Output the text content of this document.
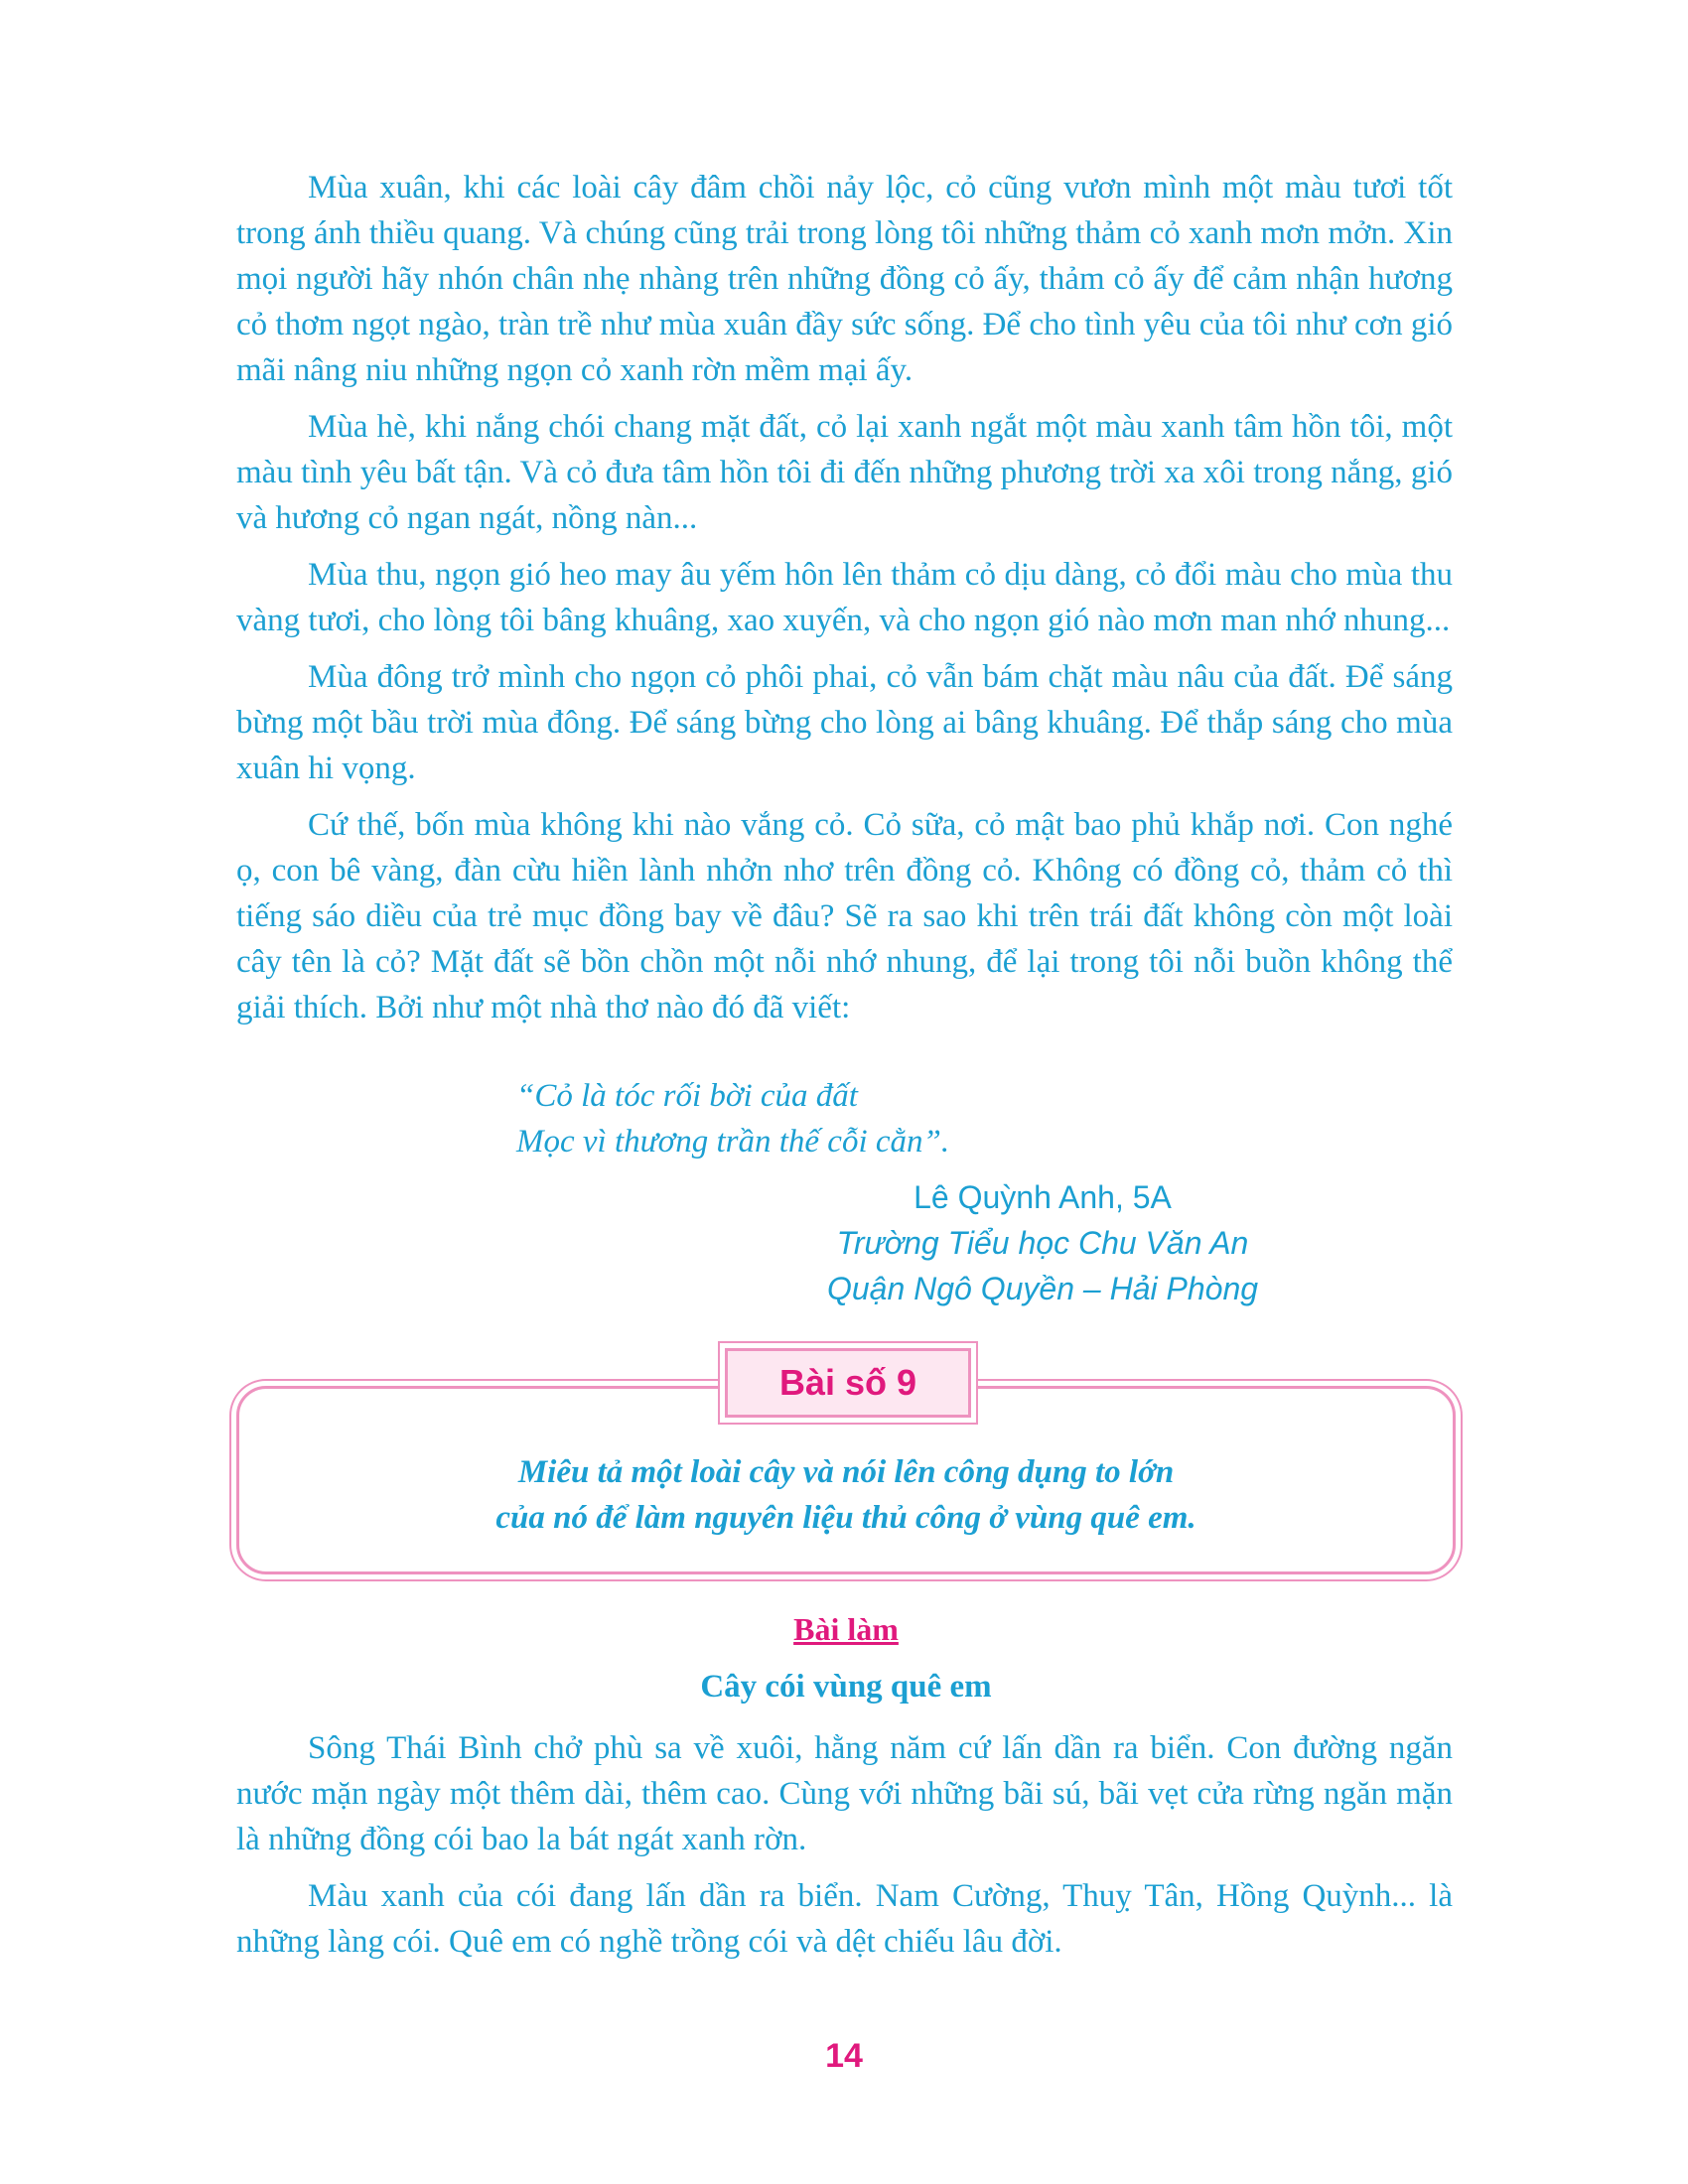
Mùa xuân, khi các loài cây đâm chồi nảy lộc, cỏ cũng vươn mình một màu tươi tốt trong ánh thiều quang. Và chúng cũng trải trong lòng tôi những thảm cỏ xanh mơn mởn. Xin mọi người hãy nhón chân nhẹ nhàng trên những đồng cỏ ấy, thảm cỏ ấy để cảm nhận hương cỏ thơm ngọt ngào, tràn trề như mùa xuân đầy sức sống. Để cho tình yêu của tôi như cơn gió mãi nâng niu những ngọn cỏ xanh rờn mềm mại ấy.

Mùa hè, khi nắng chói chang mặt đất, cỏ lại xanh ngắt một màu xanh tâm hồn tôi, một màu tình yêu bất tận. Và cỏ đưa tâm hồn tôi đi đến những phương trời xa xôi trong nắng, gió và hương cỏ ngan ngát, nồng nàn...

Mùa thu, ngọn gió heo may âu yếm hôn lên thảm cỏ dịu dàng, cỏ đổi màu cho mùa thu vàng tươi, cho lòng tôi bâng khuâng, xao xuyến, và cho ngọn gió nào mơn man nhớ nhung...

Mùa đông trở mình cho ngọn cỏ phôi phai, cỏ vẫn bám chặt màu nâu của đất. Để sáng bừng một bầu trời mùa đông. Để sáng bừng cho lòng ai bâng khuâng. Để thắp sáng cho mùa xuân hi vọng.

Cứ thế, bốn mùa không khi nào vắng cỏ. Cỏ sữa, cỏ mật bao phủ khắp nơi. Con nghé ọ, con bê vàng, đàn cừu hiền lành nhởn nhơ trên đồng cỏ. Không có đồng cỏ, thảm cỏ thì tiếng sáo diều của trẻ mục đồng bay về đâu? Sẽ ra sao khi trên trái đất không còn một loài cây tên là cỏ? Mặt đất sẽ bồn chồn một nỗi nhớ nhung, để lại trong tôi nỗi buồn không thể giải thích. Bởi như một nhà thơ nào đó đã viết:

“Cỏ là tóc rối bời của đất
Mọc vì thương trần thế cỗi cằn”.
Lê Quỳnh Anh, 5A
Trường Tiểu học Chu Văn An
Quận Ngô Quyền – Hải Phòng
Bài số 9
Miêu tả một loài cây và nói lên công dụng to lớn
của nó để làm nguyên liệu thủ công ở vùng quê em.
Bài làm
Cây cói vùng quê em

Sông Thái Bình chở phù sa về xuôi, hằng năm cứ lấn dần ra biển. Con đường ngăn nước mặn ngày một thêm dài, thêm cao. Cùng với những bãi sú, bãi vẹt cửa rừng ngăn mặn là những đồng cói bao la bát ngát xanh rờn.

Màu xanh của cói đang lấn dần ra biển. Nam Cường, Thuỵ Tân, Hồng Quỳnh... là những làng cói. Quê em có nghề trồng cói và dệt chiếu lâu đời.

14
